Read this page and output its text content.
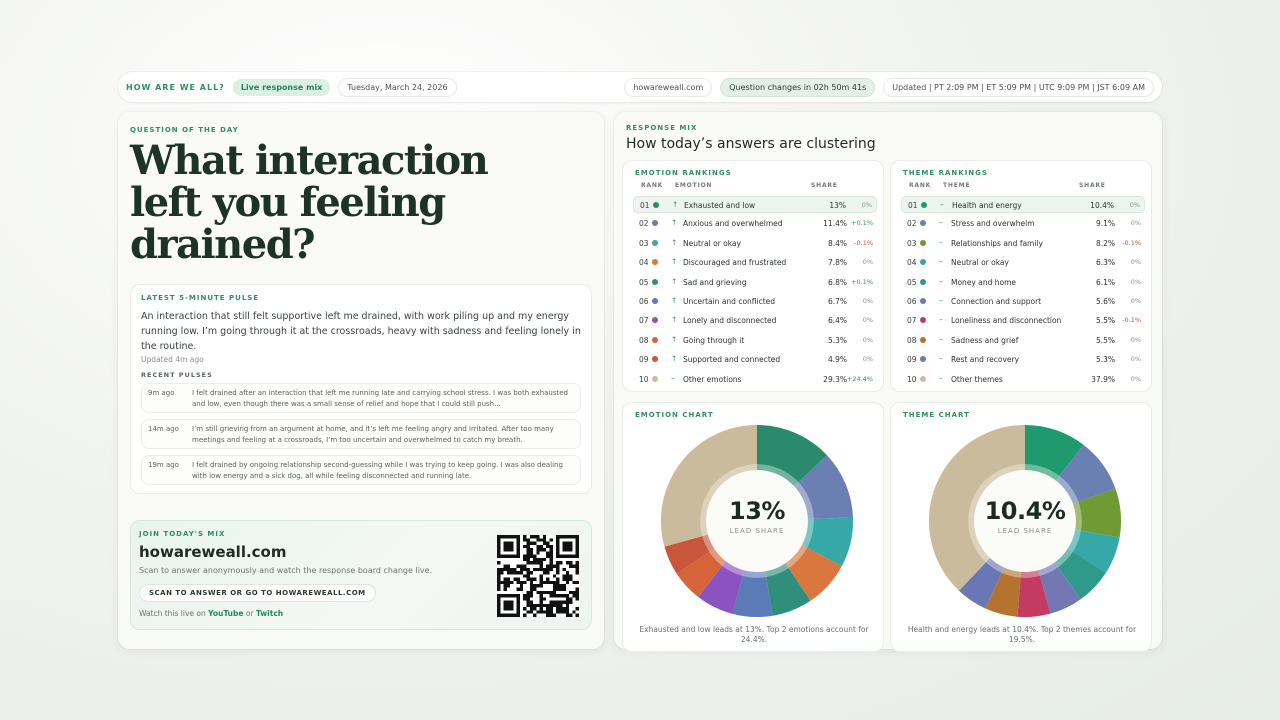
HOW ARE WE ALL?	Live response mix	Tuesday, March 24, 2026	howareweall.com	Question changes in 02h 50m 41s	Updated | PT 2:09 PM | ET 5:09 PM | UTC 9:09 PM | JST 6:09 AM
QUESTION OF THE DAY
What interaction left you feeling drained?
LATEST 5-MINUTE PULSE
An interaction that still felt supportive left me drained, with work piling up and my energy running low. I’m going through it at the crossroads, heavy with sadness and feeling lonely in the routine.
Updated 4m ago
RECENT PULSES
9m ago I felt drained after an interaction that left me running late and carrying school stress. I was both exhausted and low, even though there was a small sense of relief and hope that I could still push...
14m ago I’m still grieving from an argument at home, and it’s left me feeling angry and irritated. After too many meetings and feeling at a crossroads, I’m too uncertain and overwhelmed to catch my breath.
19m ago I felt drained by ongoing relationship second-guessing while I was trying to keep going. I was also dealing with low energy and a sick dog, all while feeling disconnected and running late.
JOIN TODAY'S MIX
howareweall.com
Scan to answer anonymously and watch the response board change live.
SCAN TO ANSWER OR GO TO HOWAREWEALL.COM
Watch this live on YouTube or Twitch
RESPONSE MIX
How today’s answers are clustering
EMOTION RANKINGS
RANK EMOTION	SHARE
01	↑ Exhausted and low	13% 0%
02	↑ Anxious and overwhelmed	11.4% +0.1%
03	↑ Neutral or okay	8.4% -0.1%
04	↑ Discouraged and frustrated	7.8% 0%
05	↑ Sad and grieving	6.8% +0.1%
06	↑ Uncertain and conflicted	6.7% 0%
07	↑ Lonely and disconnected	6.4% 0%
08	↑ Going through it	5.3% 0%
09	↑ Supported and connected	4.9% 0%
10	– Other emotions	29.3% +24.4%
THEME RANKINGS
RANK THEME	SHARE
01	– Health and energy	10.4% 0%
02	– Stress and overwhelm	9.1% 0%
03	– Relationships and family	8.2% -0.1%
04	– Neutral or okay	6.3% 0%
05	– Money and home	6.1% 0%
06	– Connection and support	5.6% 0%
07	– Loneliness and disconnection	5.5% -0.1%
08	– Sadness and grief	5.5% 0%
09	– Rest and recovery	5.3% 0%
10	– Other themes	37.9% 0%
EMOTION CHART
13%
LEAD SHARE
Exhausted and low leads at 13%. Top 2 emotions account for 24.4%.
THEME CHART
10.4%
LEAD SHARE
Health and energy leads at 10.4%. Top 2 themes account for 19.5%.
